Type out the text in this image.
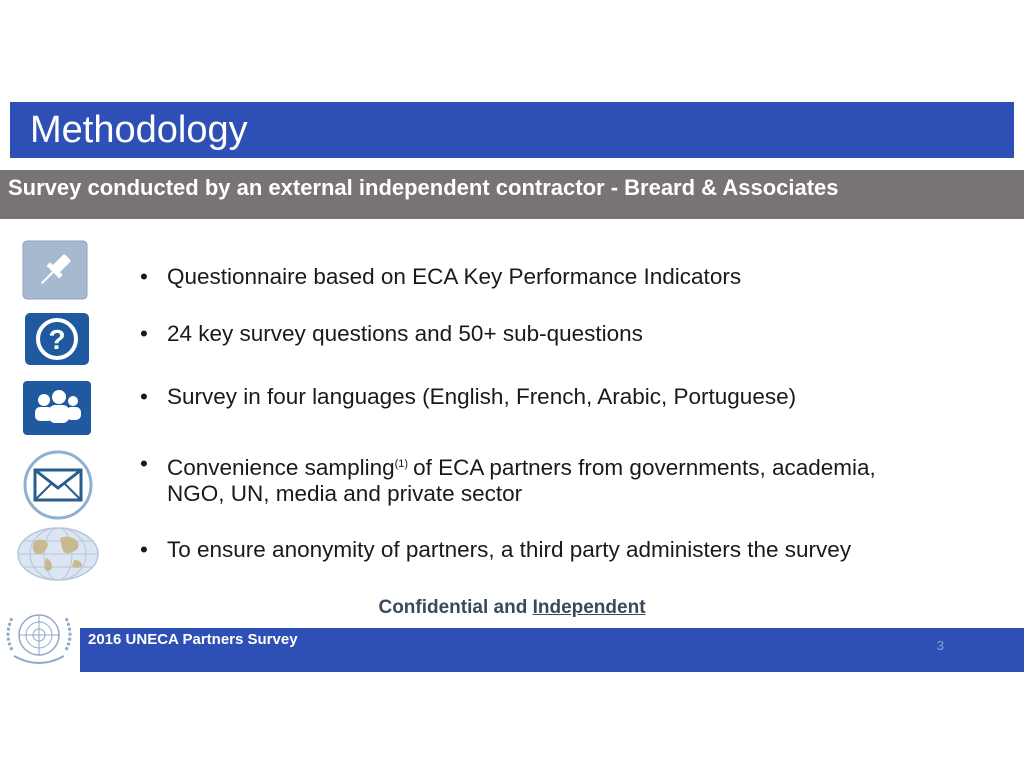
Methodology
Survey conducted by an external independent contractor - Breard & Associates
?
• Questionnaire based on ECA Key Performance Indicators
• 24 key survey questions and 50+ sub-questions
• Survey in four languages (English, French, Arabic, Portuguese)
• Convenience sampling$^{(1)}$ of ECA partners from governments, academia,
NGO, UN, media and private sector
• To ensure anonymity of partners, a third party administers the survey
Confidential and Independent
2016 UNECA Partners Survey	3
